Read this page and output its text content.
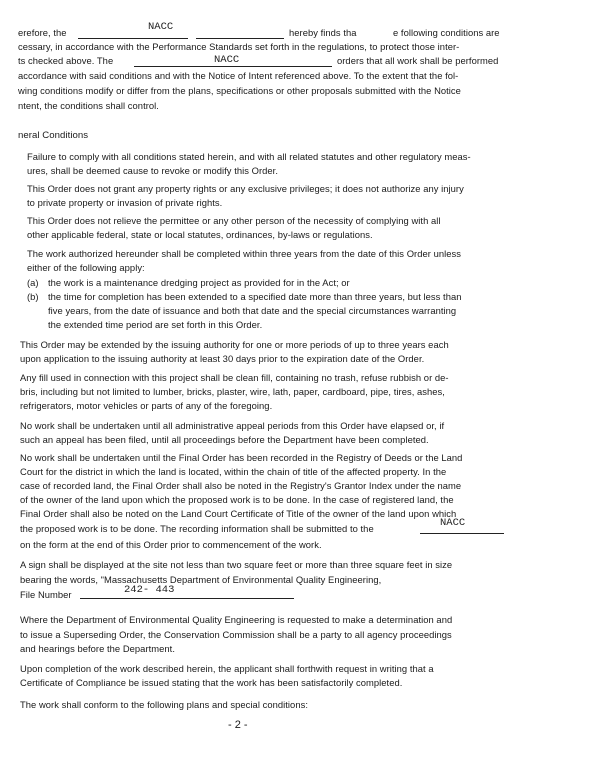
erefore, the	NACC	hereby finds tha	e following conditions are
cessary, in accordance with the Performance Standards set forth in the regulations, to protect those inter-
ts checked above. The	NACC	orders that all work shall be performed
accordance with said conditions and with the Notice of Intent referenced above. To the extent that the fol-
wing conditions modify or differ from the plans, specifications or other proposals submitted with the Notice
ntent, the conditions shall control.
neral Conditions
Failure to comply with all conditions stated herein, and with all related statutes and other regulatory meas-
ures, shall be deemed cause to revoke or modify this Order.
This Order does not grant any property rights or any exclusive privileges; it does not authorize any injury
to private property or invasion of private rights.
This Order does not relieve the permittee or any other person of the necessity of complying with all
other applicable federal, state or local statutes, ordinances, by-laws or regulations.
The work authorized hereunder shall be completed within three years from the date of this Order unless
either of the following apply:
(a) the work is a maintenance dredging project as provided for in the Act; or
(b) the time for completion has been extended to a specified date more than three years, but less than
five years, from the date of issuance and both that date and the special circumstances warranting
the extended time period are set forth in this Order.
This Order may be extended by the issuing authority for one or more periods of up to three years each
upon application to the issuing authority at least 30 days prior to the expiration date of the Order.
Any fill used in connection with this project shall be clean fill, containing no trash, refuse rubbish or de-
bris, including but not limited to lumber, bricks, plaster, wire, lath, paper, cardboard, pipe, tires, ashes,
refrigerators, motor vehicles or parts of any of the foregoing.
No work shall be undertaken until all administrative appeal periods from this Order have elapsed or, if
such an appeal has been filed, until all proceedings before the Department have been completed.
No work shall be undertaken until the Final Order has been recorded in the Registry of Deeds or the Land
Court for the district in which the land is located, within the chain of title of the affected property. In the
case of recorded land, the Final Order shall also be noted in the Registry's Grantor Index under the name
of the owner of the land upon which the proposed work is to be done. In the case of registered land, the
Final Order shall also be noted on the Land Court Certificate of Title of the owner of the land upon which
the proposed work is to be done. The recording information shall be submitted to the	NACC
on the form at the end of this Order prior to commencement of the work.
A sign shall be displayed at the site not less than two square feet or more than three square feet in size
bearing the words, "Massachusetts Department of Environmental Quality Engineering,
File Number	242- 443
Where the Department of Environmental Quality Engineering is requested to make a determination and
to issue a Superseding Order, the Conservation Commission shall be a party to all agency proceedings
and hearings before the Department.
Upon completion of the work described herein, the applicant shall forthwith request in writing that a
Certificate of Compliance be issued stating that the work has been satisfactorily completed.
The work shall conform to the following plans and special conditions:
- 2 -
